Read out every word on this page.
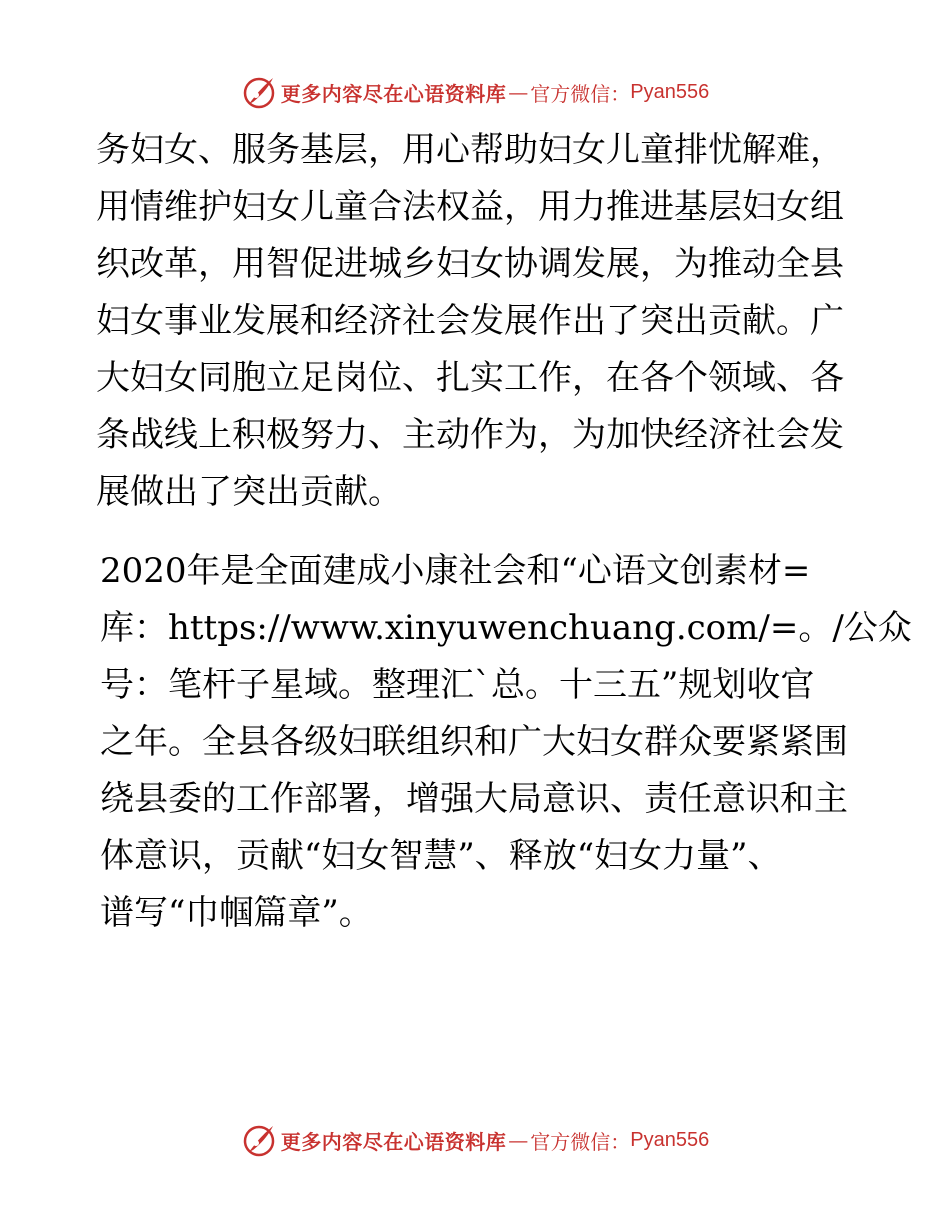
更多内容尽在心语资料库 — 官方微信： Pyan556
务妇女、服务基层，用心帮助妇女儿童排忧解难，
用情维护妇女儿童合法权益，用力推进基层妇女组
织改革，用智促进城乡妇女协调发展，为推动全县
妇女事业发展和经济社会发展作出了突出贡献。广
大妇女同胞立足岗位、扎实工作，在各个领域、各
条战线上积极努力、主动作为，为加快经济社会发
展做出了突出贡献。
2020年是全面建成小康社会和“心语文创素材=
库：https://www.xinyuwenchuang.com/=。/公众
号：笔杆子星域。整理汇`总。十三五”规划收官
之年。全县各级妇联组织和广大妇女群众要紧紧围
绕县委的工作部署，增强大局意识、责任意识和主
体意识，贡献“妇女智慧”、释放“妇女力量”、
谱写“巾帼篇章”。
更多内容尽在心语资料库 — 官方微信： Pyan556
